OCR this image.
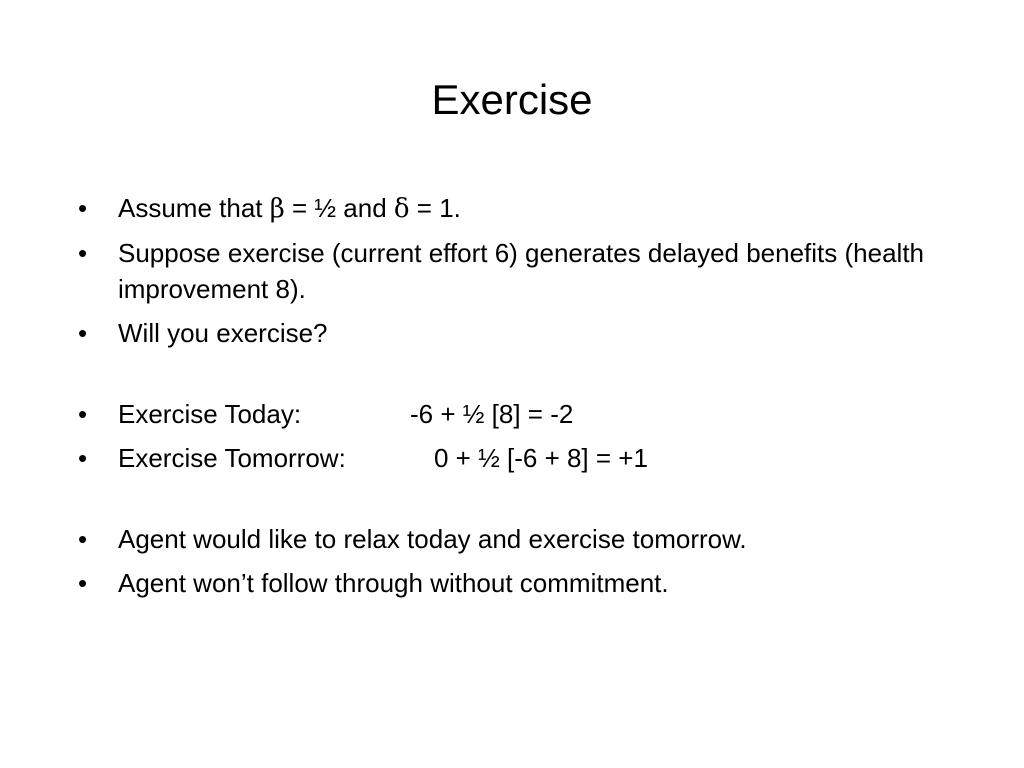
Exercise
•	Assume that β = ½ and δ = 1.
•	Suppose exercise (current effort 6) generates delayed benefits (health improvement 8).
•	Will you exercise?
•	Exercise Today:	-6 + ½ [8] = -2
•	Exercise Tomorrow:	0 + ½ [-6 + 8] = +1
•	Agent would like to relax today and exercise tomorrow.
•	Agent won’t follow through without commitment.
